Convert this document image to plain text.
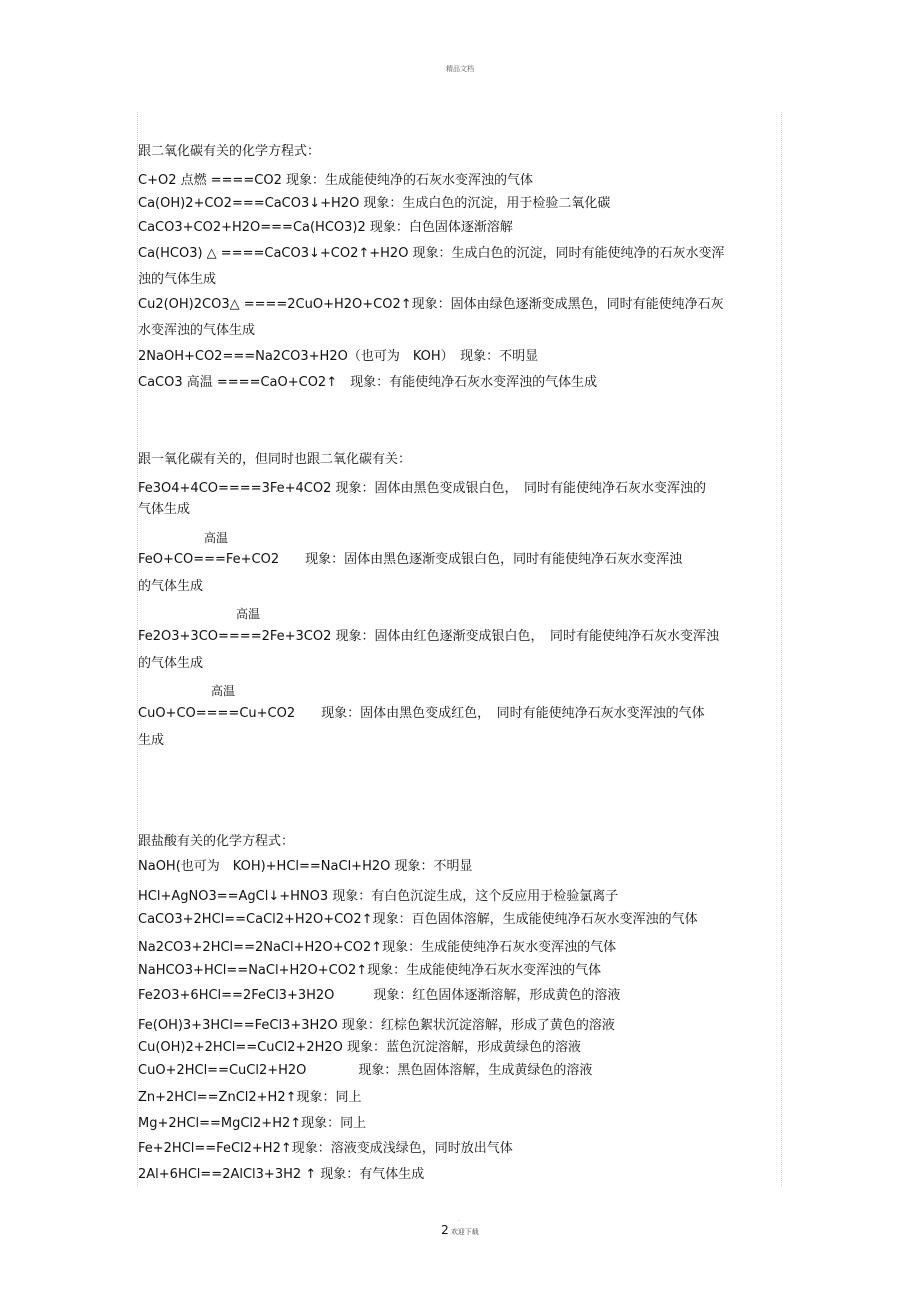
精品文档
跟二氧化碳有关的化学方程式：
C+O2 点燃 ====CO2 现象：生成能使纯净的石灰水变浑浊的气体
Ca(OH)2+CO2===CaCO3↓+H2O 现象：生成白色的沉淀，用于检验二氧化碳
CaCO3+CO2+H2O===Ca(HCO3)2 现象：白色固体逐渐溶解
Ca(HCO3) △ ====CaCO3↓+CO2↑+H2O 现象：生成白色的沉淀，同时有能使纯净的石灰水变浑
浊的气体生成
Cu2(OH)2CO3△ ====2CuO+H2O+CO2↑现象：固体由绿色逐渐变成黑色，同时有能使纯净石灰
水变浑浊的气体生成
2NaOH+CO2===Na2CO3+H2O（也可为　KOH）　现象：不明显
CaCO3 高温 ====CaO+CO2↑　现象：有能使纯净石灰水变浑浊的气体生成
跟一氧化碳有关的，但同时也跟二氧化碳有关：
Fe3O4+4CO====3Fe+4CO2 现象：固体由黑色变成银白色，　同时有能使纯净石灰水变浑浊的
气体生成
高温
FeO+CO===Fe+CO2　　现象：固体由黑色逐渐变成银白色，同时有能使纯净石灰水变浑浊
的气体生成
高温
Fe2O3+3CO====2Fe+3CO2 现象：固体由红色逐渐变成银白色，　同时有能使纯净石灰水变浑浊
的气体生成
高温
CuO+CO====Cu+CO2　　现象：固体由黑色变成红色，　同时有能使纯净石灰水变浑浊的气体
生成
跟盐酸有关的化学方程式：
NaOH(也可为　KOH)+HCl==NaCl+H2O 现象：不明显
HCl+AgNO3==AgCl↓+HNO3 现象：有白色沉淀生成，这个反应用于检验氯离子
CaCO3+2HCl==CaCl2+H2O+CO2↑现象：百色固体溶解，生成能使纯净石灰水变浑浊的气体
Na2CO3+2HCl==2NaCl+H2O+CO2↑现象：生成能使纯净石灰水变浑浊的气体
NaHCO3+HCl==NaCl+H2O+CO2↑现象：生成能使纯净石灰水变浑浊的气体
Fe2O3+6HCl==2FeCl3+3H2O　　　现象：红色固体逐渐溶解，形成黄色的溶液
Fe(OH)3+3HCl==FeCl3+3H2O 现象：红棕色絮状沉淀溶解，形成了黄色的溶液
Cu(OH)2+2HCl==CuCl2+2H2O 现象：蓝色沉淀溶解，形成黄绿色的溶液
CuO+2HCl==CuCl2+H2O　　　　现象：黑色固体溶解，生成黄绿色的溶液
Zn+2HCl==ZnCl2+H2↑现象：同上
Mg+2HCl==MgCl2+H2↑现象：同上
Fe+2HCl==FeCl2+H2↑现象：溶液变成浅绿色，同时放出气体
2Al+6HCl==2AlCl3+3H2 ↑ 现象：有气体生成
.
2 欢迎下载
